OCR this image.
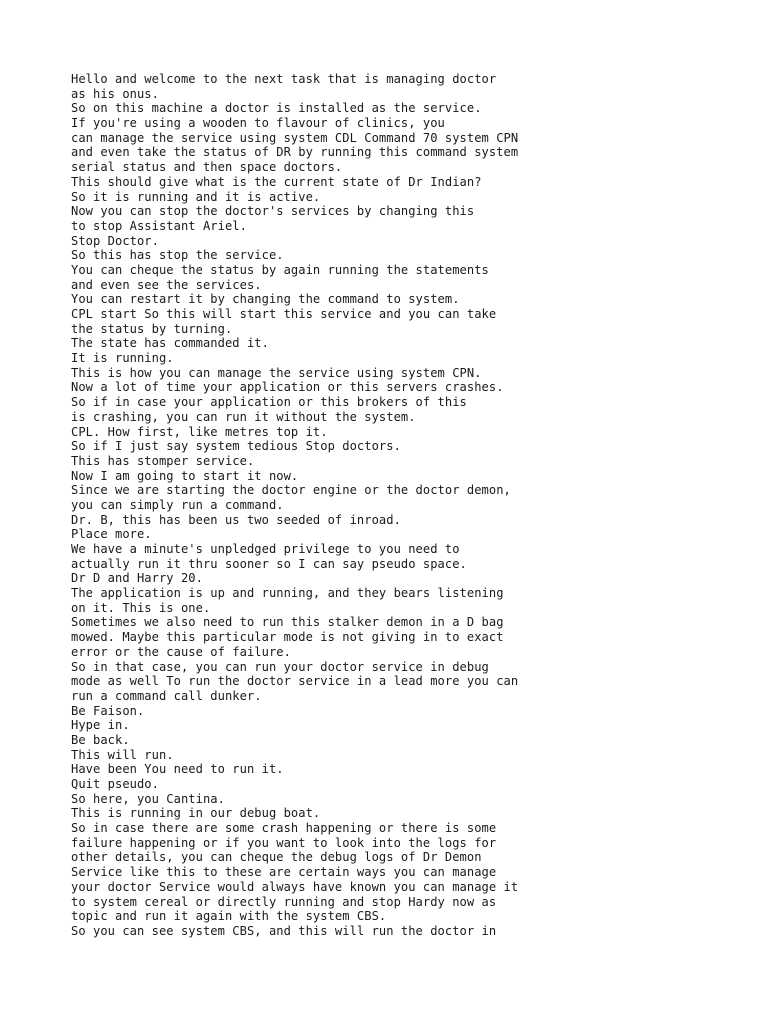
Hello and welcome to the next task that is managing doctor
as his onus.
So on this machine a doctor is installed as the service.
If you're using a wooden to flavour of clinics, you
can manage the service using system CDL Command 70 system CPN
and even take the status of DR by running this command system
serial status and then space doctors.
This should give what is the current state of Dr Indian?
So it is running and it is active.
Now you can stop the doctor's services by changing this
to stop Assistant Ariel.
Stop Doctor.
So this has stop the service.
You can cheque the status by again running the statements
and even see the services.
You can restart it by changing the command to system.
CPL start So this will start this service and you can take
the status by turning.
The state has commanded it.
It is running.
This is how you can manage the service using system CPN.
Now a lot of time your application or this servers crashes.
So if in case your application or this brokers of this
is crashing, you can run it without the system.
CPL. How first, like metres top it.
So if I just say system tedious Stop doctors.
This has stomper service.
Now I am going to start it now.
Since we are starting the doctor engine or the doctor demon,
you can simply run a command.
Dr. B, this has been us two seeded of inroad.
Place more.
We have a minute's unpledged privilege to you need to
actually run it thru sooner so I can say pseudo space.
Dr D and Harry 20.
The application is up and running, and they bears listening
on it. This is one.
Sometimes we also need to run this stalker demon in a D bag
mowed. Maybe this particular mode is not giving in to exact
error or the cause of failure.
So in that case, you can run your doctor service in debug
mode as well To run the doctor service in a lead more you can
run a command call dunker.
Be Faison.
Hype in.
Be back.
This will run.
Have been You need to run it.
Quit pseudo.
So here, you Cantina.
This is running in our debug boat.
So in case there are some crash happening or there is some
failure happening or if you want to look into the logs for
other details, you can cheque the debug logs of Dr Demon
Service like this to these are certain ways you can manage
your doctor Service would always have known you can manage it
to system cereal or directly running and stop Hardy now as
topic and run it again with the system CBS.
So you can see system CBS, and this will run the doctor in
